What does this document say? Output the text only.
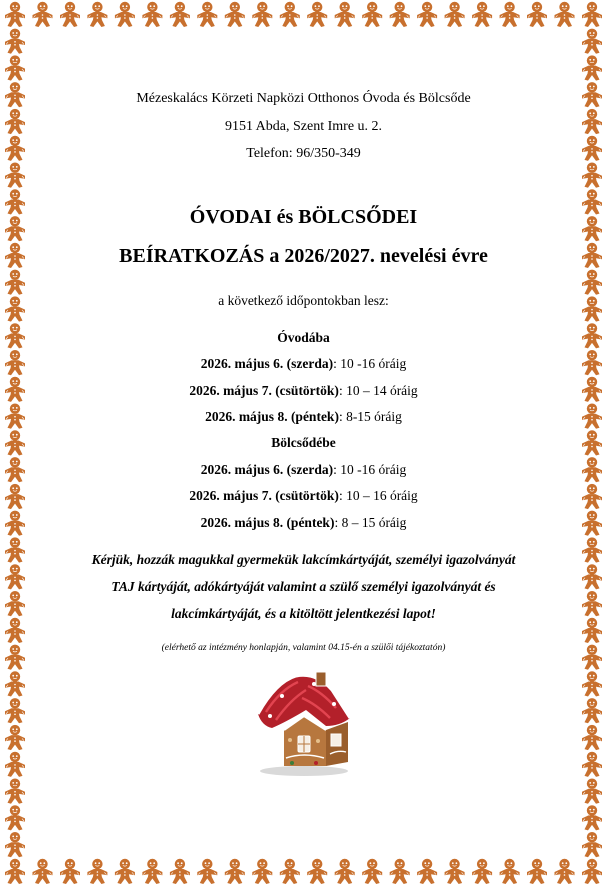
Mézeskalács Körzeti Napközi Otthonos Óvoda és Bölcsőde
9151 Abda, Szent Imre u. 2.
Telefon: 96/350-349
ÓVODAI és BÖLCSŐDEI
BEÍRATKOZÁS a 2026/2027. nevelési évre
a következő időpontokban lesz:
Óvodába
2026. május 6. (szerda): 10 -16 óráig
2026. május 7. (csütörtök): 10 – 14 óráig
2026. május 8. (péntek): 8-15 óráig
Bölcsődébe
2026. május 6. (szerda): 10 -16 óráig
2026. május 7. (csütörtök): 10 – 16 óráig
2026. május 8. (péntek): 8 – 15 óráig
Kérjük, hozzák magukkal gyermekük lakcímkártyáját, személyi igazolványát
TAJ kártyáját, adókártyáját valamint a szülő személyi igazolványát és
lakcímkártyáját, és a kitöltött jelentkezési lapot!
(elérhető az intézmény honlapján, valamint 04.15-én a szülői tájékoztatón)
